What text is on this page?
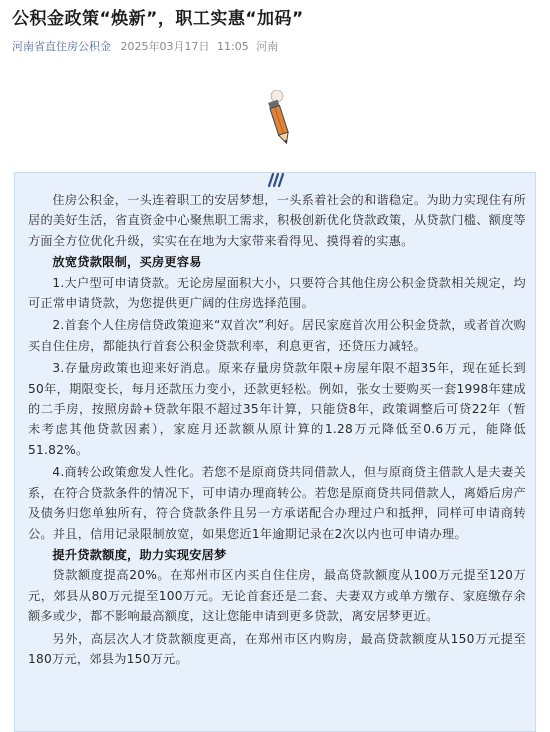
公积金政策“焕新”，职工实惠“加码”
河南省直住房公积金 2025年03月17日 11:05 河南

住房公积金，一头连着职工的安居梦想，一头系着社会的和谐稳定。为助力实现住有所居的美好生活，省直资金中心聚焦职工需求，积极创新优化贷款政策，从贷款门槛、额度等方面全方位优化升级，实实在在地为大家带来看得见、摸得着的实惠。

放宽贷款限制，买房更容易

1.大户型可申请贷款。无论房屋面积大小，只要符合其他住房公积金贷款相关规定，均可正常申请贷款，为您提供更广阔的住房选择范围。

2.首套个人住房信贷政策迎来“双首次”利好。居民家庭首次用公积金贷款，或者首次购买自住住房，都能执行首套公积金贷款利率，利息更省，还贷压力减轻。

3.存量房政策也迎来好消息。原来存量房贷款年限+房屋年限不超35年，现在延长到50年，期限变长，每月还款压力变小，还款更轻松。例如，张女士要购买一套1998年建成的二手房，按照房龄+贷款年限不超过35年计算，只能贷8年，政策调整后可贷22年（暂未考虑其他贷款因素），家庭月还款额从原计算的1.28万元降低至0.6万元，能降低51.82%。

4.商转公政策愈发人性化。若您不是原商贷共同借款人，但与原商贷主借款人是夫妻关系，在符合贷款条件的情况下，可申请办理商转公。若您是原商贷共同借款人，离婚后房产及债务归您单独所有，符合贷款条件且另一方承诺配合办理过户和抵押，同样可申请商转公。并且，信用记录限制放宽，如果您近1年逾期记录在2次以内也可申请办理。

提升贷款额度，助力实现安居梦

贷款额度提高20%。在郑州市区内买自住住房，最高贷款额度从100万元提至120万元，郊县从80万元提至100万元。无论首套还是二套、夫妻双方或单方缴存、家庭缴存余额多或少，都不影响最高额度，这让您能申请到更多贷款，离安居梦更近。

另外，高层次人才贷款额度更高，在郑州市区内购房，最高贷款额度从150万元提至180万元，郊县为150万元。
